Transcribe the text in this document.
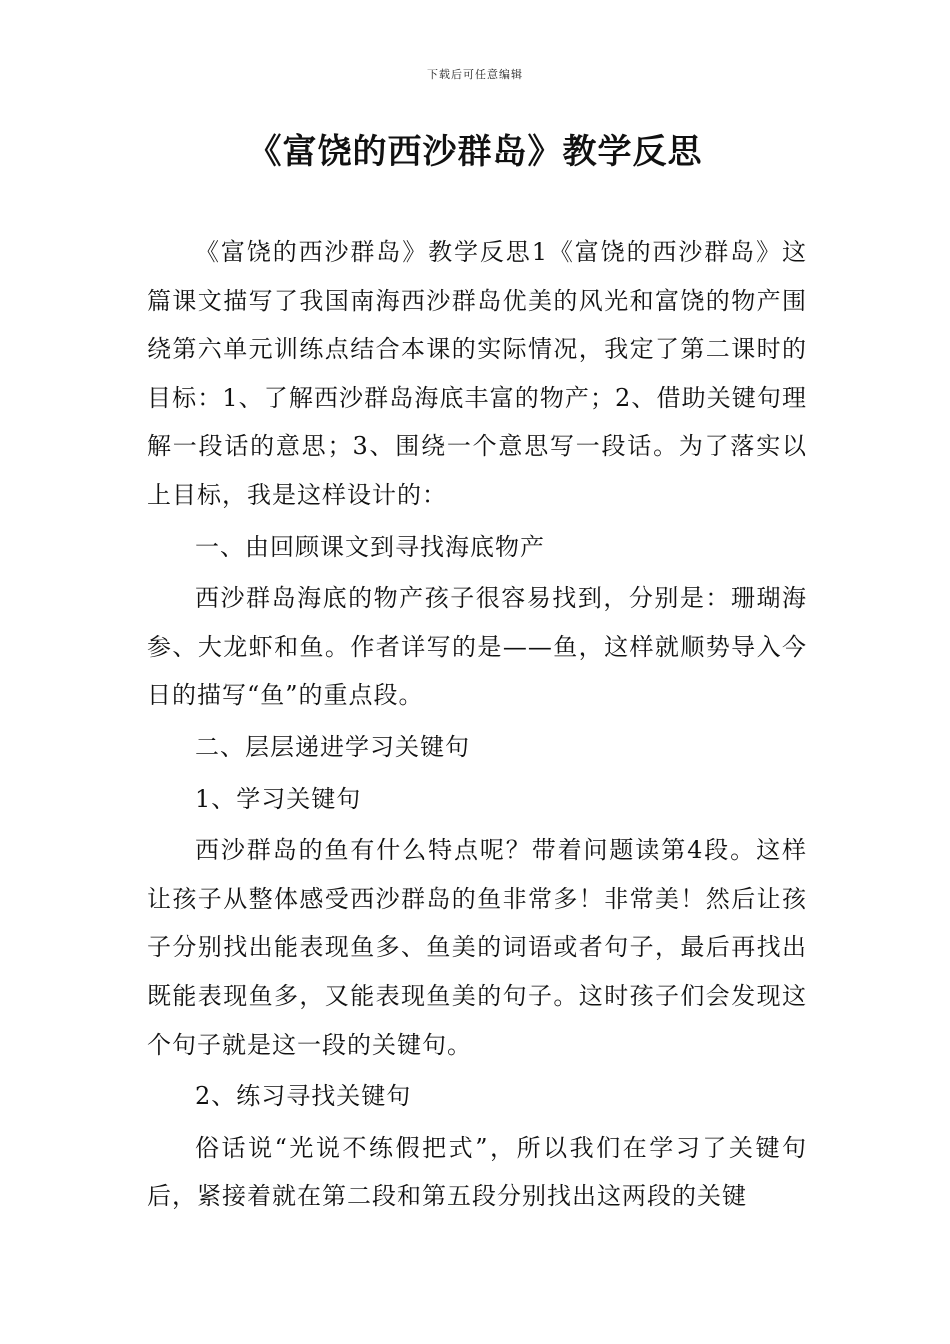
下载后可任意编辑
《富饶的西沙群岛》教学反思

《富饶的西沙群岛》教学反思1《富饶的西沙群岛》这篇课文描写了我国南海西沙群岛优美的风光和富饶的物产围绕第六单元训练点结合本课的实际情况，我定了第二课时的目标：1、了解西沙群岛海底丰富的物产；2、借助关键句理解一段话的意思；3、围绕一个意思写一段话。为了落实以上目标，我是这样设计的：

一、由回顾课文到寻找海底物产

西沙群岛海底的物产孩子很容易找到，分别是：珊瑚海参、大龙虾和鱼。作者详写的是——鱼，这样就顺势导入今日的描写“鱼”的重点段。

二、层层递进学习关键句

1、学习关键句

西沙群岛的鱼有什么特点呢？带着问题读第4段。这样让孩子从整体感受西沙群岛的鱼非常多！非常美！然后让孩子分别找出能表现鱼多、鱼美的词语或者句子，最后再找出既能表现鱼多，又能表现鱼美的句子。这时孩子们会发现这个句子就是这一段的关键句。

2、练习寻找关键句

俗话说“光说不练假把式”，所以我们在学习了关键句后，紧接着就在第二段和第五段分别找出这两段的关键
